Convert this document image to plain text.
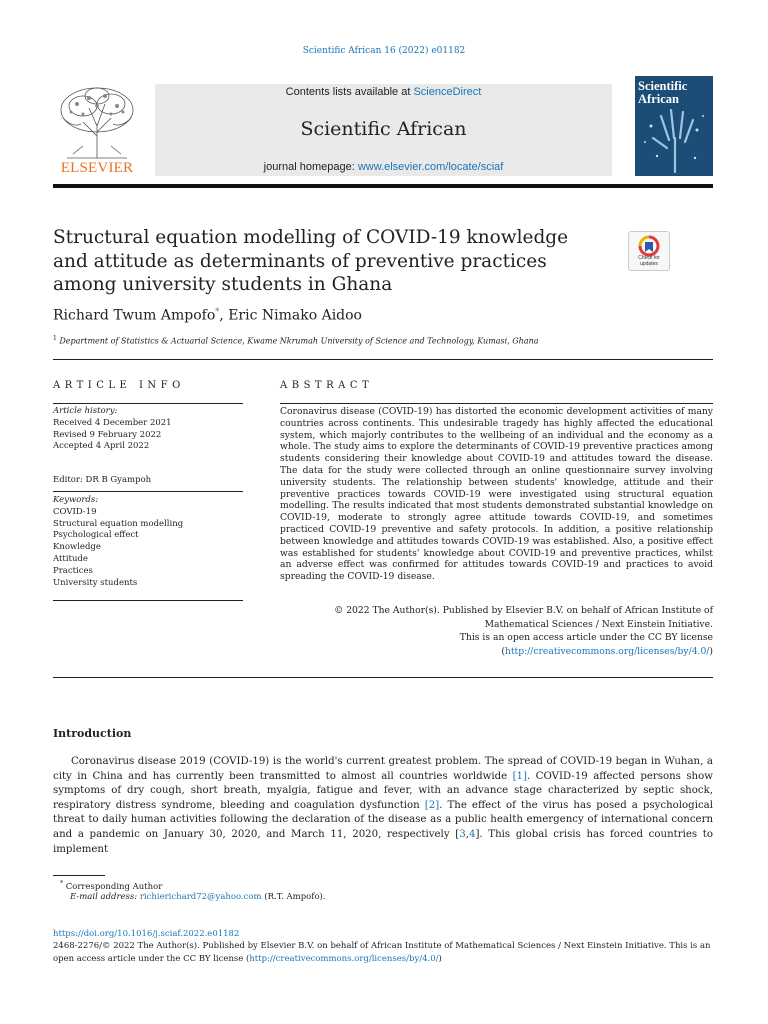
Scientific African 16 (2022) e01182
ELSEVIER
Contents lists available at ScienceDirect
Scientific African
journal homepage: www.elsevier.com/locate/sciaf
Scientific
African
Structural equation modelling of COVID-19 knowledge and attitude as determinants of preventive practices among university students in Ghana
Check for
updates
Richard Twum Ampofo*, Eric Nimako Aidoo
$^1$ Department of Statistics & Actuarial Science, Kwame Nkrumah University of Science and Technology, Kumasi, Ghana
ARTICLE INFO
Article history:
Received 4 December 2021
Revised 9 February 2022
Accepted 4 April 2022
Editor: DR B Gyampoh
Keywords:
COVID-19
Structural equation modelling
Psychological effect
Knowledge
Attitude
Practices
University students
ABSTRACT
Coronavirus disease (COVID-19) has distorted the economic development activities of many countries across continents. This undesirable tragedy has highly affected the educational system, which majorly contributes to the wellbeing of an individual and the economy as a whole. The study aims to explore the determinants of COVID-19 preventive practices among students considering their knowledge about COVID-19 and attitudes toward the disease. The data for the study were collected through an online questionnaire survey involving university students. The relationship between students' knowledge, attitude and their preventive practices towards COVID-19 were investigated using structural equation modelling. The results indicated that most students demonstrated substantial knowledge on COVID-19, moderate to strongly agree attitude towards COVID-19, and sometimes practiced COVID-19 preventive and safety protocols. In addition, a positive relationship between knowledge and attitudes towards COVID-19 was established. Also, a positive effect was established for students' knowledge about COVID-19 and preventive practices, whilst an adverse effect was confirmed for attitudes towards COVID-19 and practices to avoid spreading the COVID-19 disease.
© 2022 The Author(s). Published by Elsevier B.V. on behalf of African Institute of
Mathematical Sciences / Next Einstein Initiative.
This is an open access article under the CC BY license
(http://creativecommons.org/licenses/by/4.0/)
Introduction
Coronavirus disease 2019 (COVID-19) is the world's current greatest problem. The spread of COVID-19 began in Wuhan, a city in China and has currently been transmitted to almost all countries worldwide [1]. COVID-19 affected persons show symptoms of dry cough, short breath, myalgia, fatigue and fever, with an advance stage characterized by septic shock, respiratory distress syndrome, bleeding and coagulation dysfunction [2]. The effect of the virus has posed a psychological threat to daily human activities following the declaration of the disease as a public health emergency of international concern and a pandemic on January 30, 2020, and March 11, 2020, respectively [3,4]. This global crisis has forced countries to implement
* Corresponding Author
E-mail address: richierichard72@yahoo.com (R.T. Ampofo).
https://doi.org/10.1016/j.sciaf.2022.e01182
2468-2276/© 2022 The Author(s). Published by Elsevier B.V. on behalf of African Institute of Mathematical Sciences / Next Einstein Initiative. This is an open access article under the CC BY license (http://creativecommons.org/licenses/by/4.0/)
